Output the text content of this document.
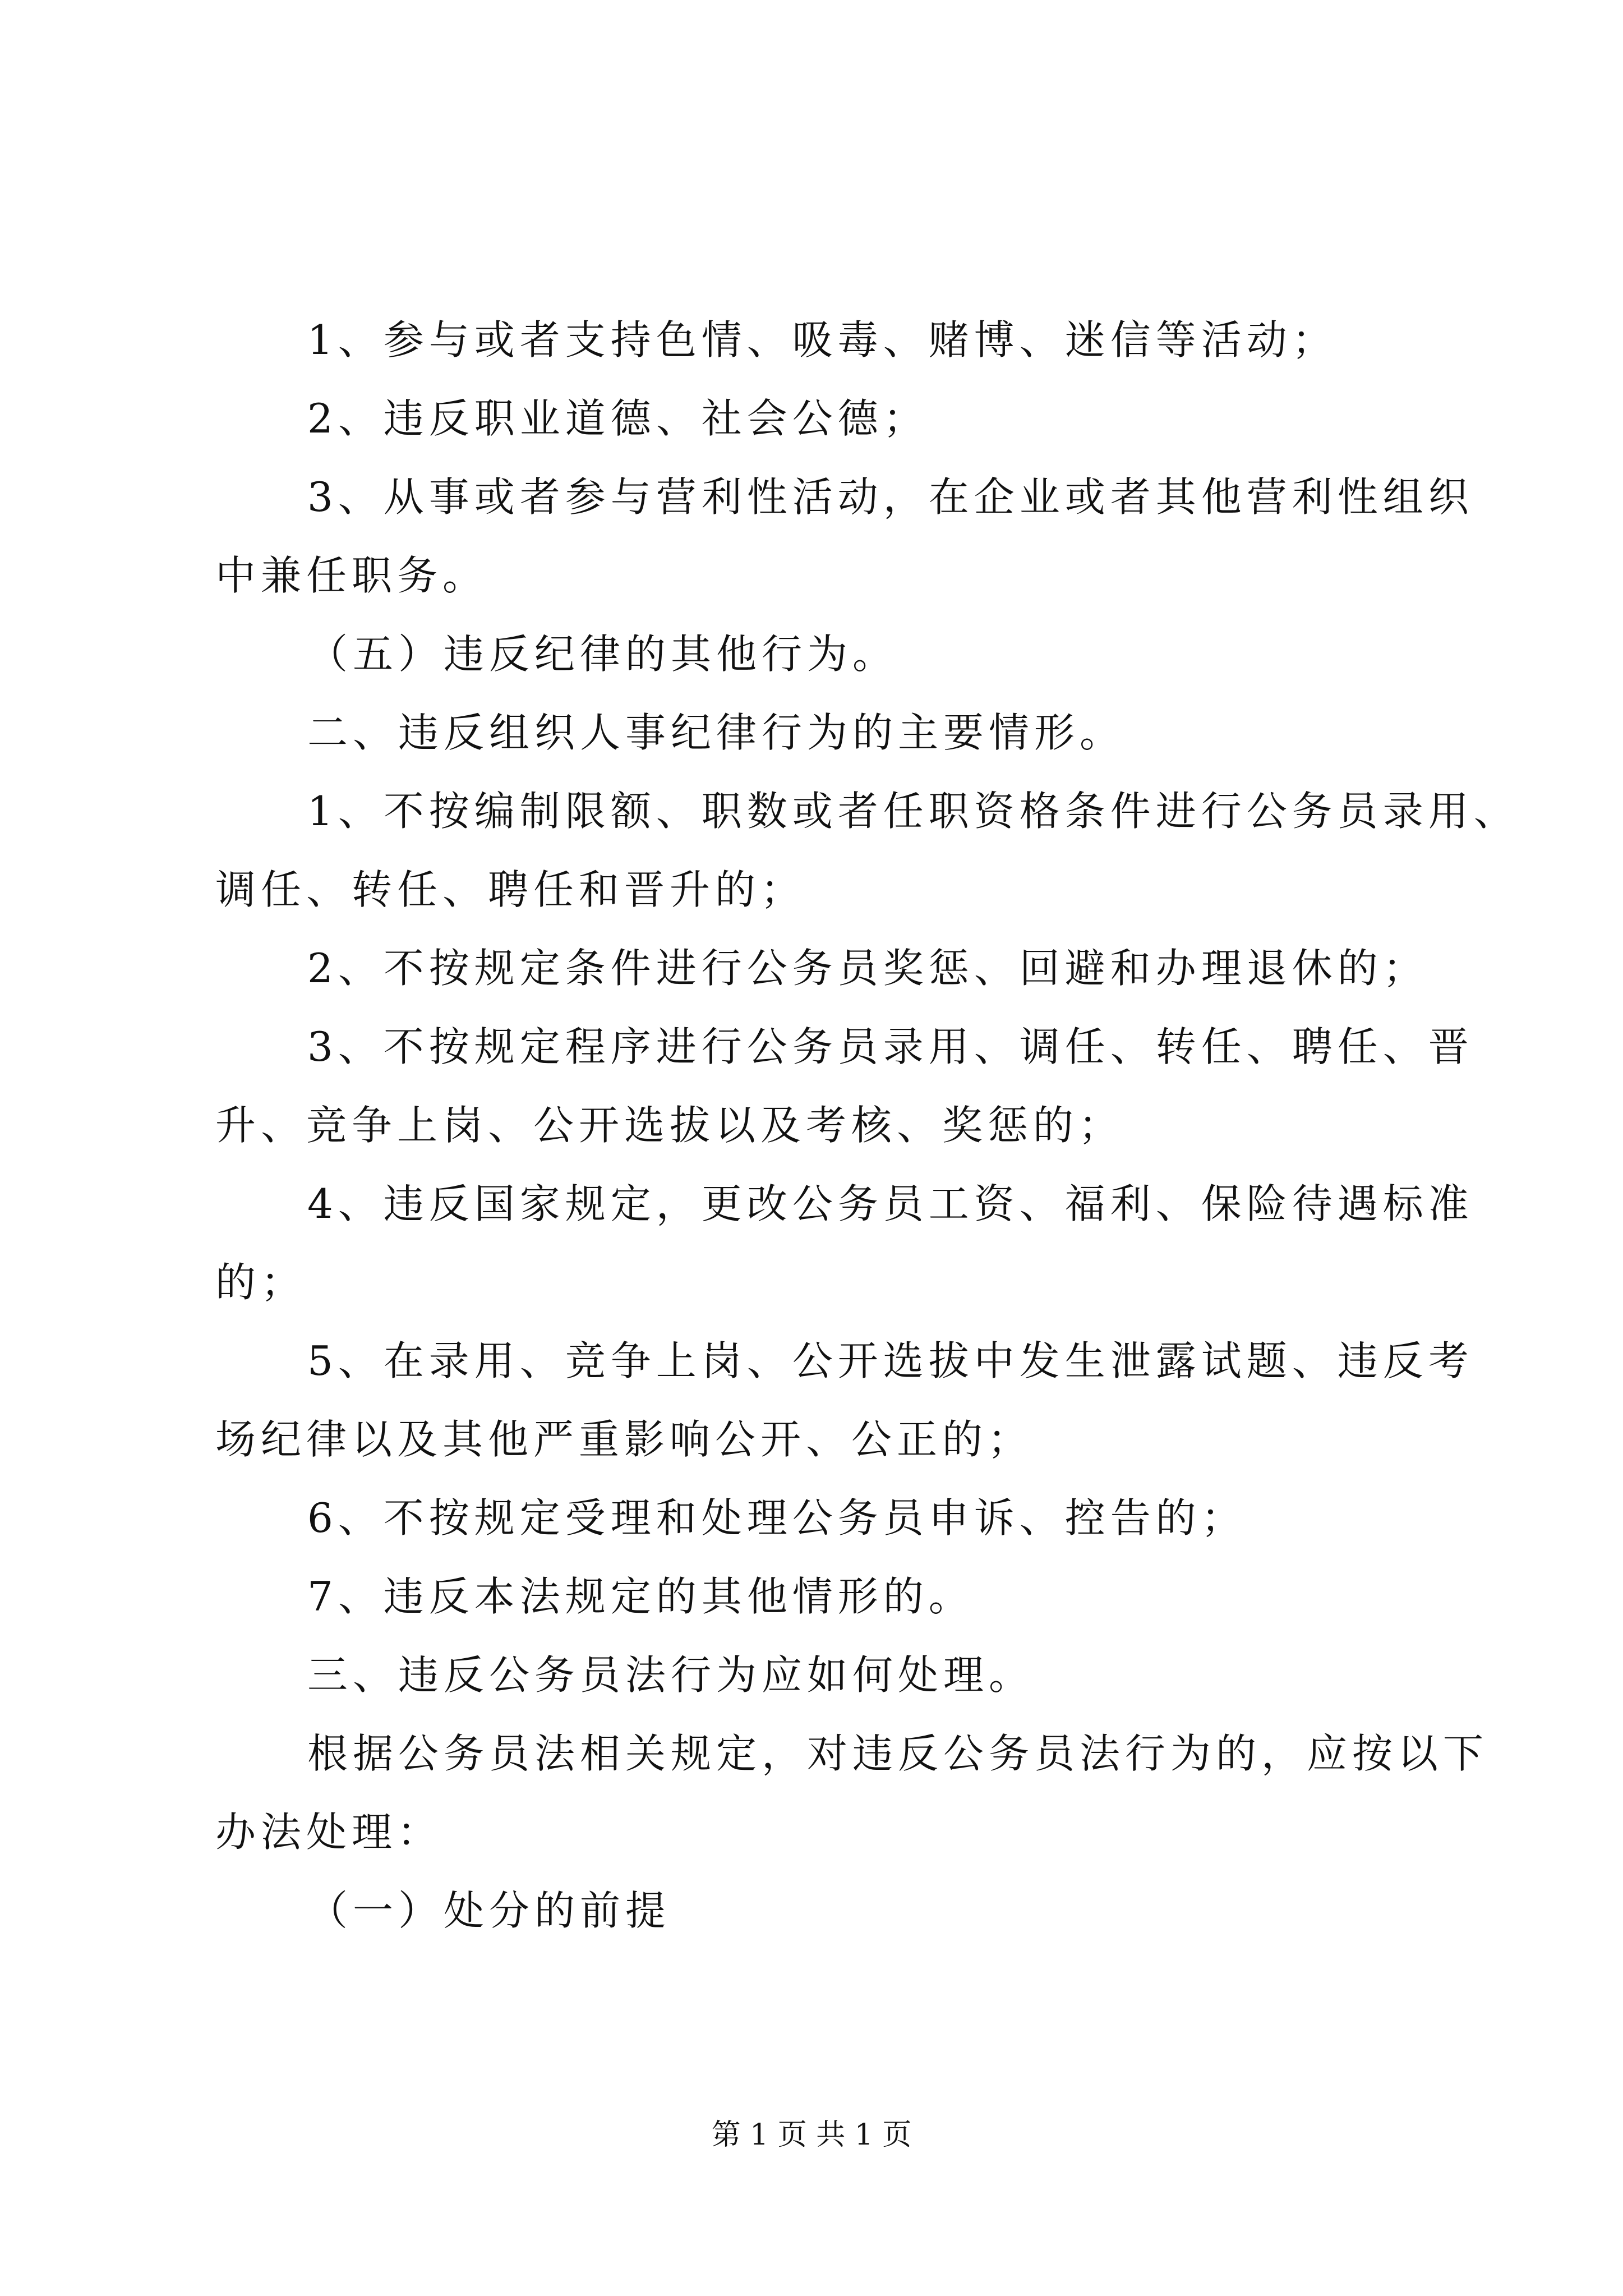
1、参与或者支持色情、吸毒、赌博、迷信等活动；
2、违反职业道德、社会公德；
3、从事或者参与营利性活动，在企业或者其他营利性组织
中兼任职务。
（五）违反纪律的其他行为。
二、违反组织人事纪律行为的主要情形。
1、不按编制限额、职数或者任职资格条件进行公务员录用、
调任、转任、聘任和晋升的；
2、不按规定条件进行公务员奖惩、回避和办理退休的；
3、不按规定程序进行公务员录用、调任、转任、聘任、晋
升、竞争上岗、公开选拔以及考核、奖惩的；
4、违反国家规定，更改公务员工资、福利、保险待遇标准
的；
5、在录用、竞争上岗、公开选拔中发生泄露试题、违反考
场纪律以及其他严重影响公开、公正的；
6、不按规定受理和处理公务员申诉、控告的；
7、违反本法规定的其他情形的。
三、违反公务员法行为应如何处理。
根据公务员法相关规定，对违反公务员法行为的，应按以下
办法处理：
（一）处分的前提
第 1 页 共 1 页
